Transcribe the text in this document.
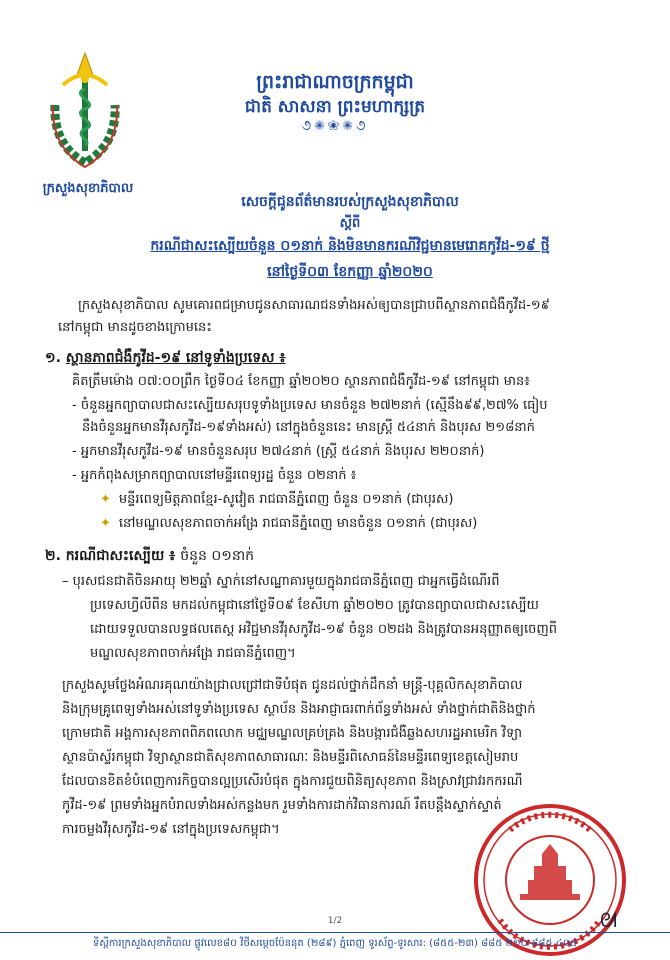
ព្រះរាជាណាចក្រកម្ពុជា
ជាតិ សាសនា ព្រះមហាក្សត្រ
૭✺❀✺૭
ក្រសួងសុខាភិបាល
សេចក្តីជូនព័ត៌មានរបស់ក្រសួងសុខាភិបាល
ស្តីពី
ករណីជាសះស្បើយចំនួន ០១នាក់ និងមិនមានករណីវិជ្ជមានមេរោគកូវីដ-១៩ ថ្មី
នៅថ្ងៃទី០៣ ខែកញ្ញា ឆ្នាំ២០២០
ក្រសួងសុខាភិបាល សូមគោរពជម្រាបជូនសាធារណជនទាំងអស់ឲ្យបានជ្រាបពីស្ថានភាពជំងឺកូវីដ-១៩
នៅកម្ពុជា មានដូចខាងក្រោមនេះ
១. ស្ថានភាពជំងឺកូវីដ-១៩ នៅទូទាំងប្រទេស ៖
គិតត្រឹមម៉ោង ០៧:០០ព្រឹក ថ្ងៃទី០៤ ខែកញ្ញា ឆ្នាំ២០២០ ស្ថានភាពជំងឺកូវីដ-១៩ នៅកម្ពុជា មាន៖
- ចំនួនអ្នកព្យាបាលជាសះស្បើយសរុបទូទាំងប្រទេស មានចំនួន ២៧២នាក់ (ស្មើនឹង៩៩,២៧% ធៀប
នឹងចំនួនអ្នកមានវីរុសកូវីដ-១៩ទាំងអស់) នៅក្នុងចំនួននេះ មានស្រ្តី ៥៤នាក់ និងបុរស ២១៨នាក់
- អ្នកមានវីរុសកូវីដ-១៩ មានចំនួនសរុប ២៧៤នាក់ (ស្ត្រី ៥៤នាក់ និងបុរស ២២០នាក់)
- អ្នកកំពុងសម្រាកព្យាបាលនៅមន្ទីរពេទ្យរដ្ឋ ចំនួន ០២នាក់ ៖
✦ មន្ទីរពេទ្យមិត្តភាពខ្មែរ-សូវៀត រាជធានីភ្នំពេញ ចំនួន ០១នាក់ (ជាបុរស)
✦ នៅមណ្ឌលសុខភាពចាក់អង្រែ រាជធានីភ្នំពេញ មានចំនួន ០១នាក់ (ជាបុរស)
២. ករណីជាសះស្បើយ ៖ ចំនួន ០១នាក់
– បុរសជនជាតិចិនអាយុ ២២ឆ្នាំ ស្នាក់នៅសណ្ឋាគារមួយក្នុងរាជធានីភ្នំពេញ ជាអ្នកធ្វើដំណើរពី
ប្រទេសហ្វីលីពីន មកដល់កម្ពុជានៅថ្ងៃទី០៩ ខែសីហា ឆ្នាំ២០២០ ត្រូវបានព្យាបាលជាសះស្បើយ
ដោយទទួលបានលទ្ធផលតេស្ត អវិជ្ជមានវីរុសកូវីដ-១៩ ចំនួន ០២ដង និងត្រូវបានអនុញ្ញាតឲ្យចេញពី
មណ្ឌលសុខភាពចាក់អង្រែ រាជធានីភ្នំពេញ។
ក្រសួងសូមថ្លែងអំណរគុណយ៉ាងជ្រាលជ្រៅជាទីបំផុត ជូនដល់ថ្នាក់ដឹកនាំ មន្ត្រី-បុគ្គលិកសុខាភិបាល
និងក្រុមគ្រូពេទ្យទាំងអស់នៅទូទាំងប្រទេស ស្ថាប័ន និងអាជ្ញាធរពាក់ព័ន្ធទាំងអស់ ទាំងថ្នាក់ជាតិនិងថ្នាក់
ក្រោមជាតិ អង្គការសុខភាពពិភពលោក មជ្ឈមណ្ឌលគ្រប់គ្រង និងបង្ការជំងឺឆ្លងសហរដ្ឋអាមេរិក វិទ្យា
ស្ថានប៉ាស្ទ័រកម្ពុជា វិទ្យាស្ថានជាតិសុខភាពសាធារណៈ និងមន្ទីរពិសោធន៍នៃមន្ទីរពេទ្យខេត្តសៀមរាប
ដែលបានខិតខំបំពេញការកិច្ចបានល្អប្រសើរបំផុត ក្នុងការជួយពិនិត្យសុខភាព និងស្រាវជ្រាវរកករណី
កូវីដ-១៩ ព្រមទាំងអ្នកបំរាលទាំងអស់កន្លងមក រួមទាំងការដាក់វិធានការណ៍ រឹតបន្តឹងស្ទាក់ស្ទាត់
ការចម្លងវីរុសកូវីដ-១៩ នៅក្នុងប្រទេសកម្ពុជា។
ᘛ
1/2
ទីស្តីការក្រសួងសុខាភិបាល ផ្លូវលេខ៨០ វិថីសម្តេចប៉ែននុត (២៨៩) ភ្នំពេញ ទូរស័ព្ទ-ទូរសារ: (៨៥៥-២៣) ៨៨៥ ២១០-៨៨៥ ៤០៥
